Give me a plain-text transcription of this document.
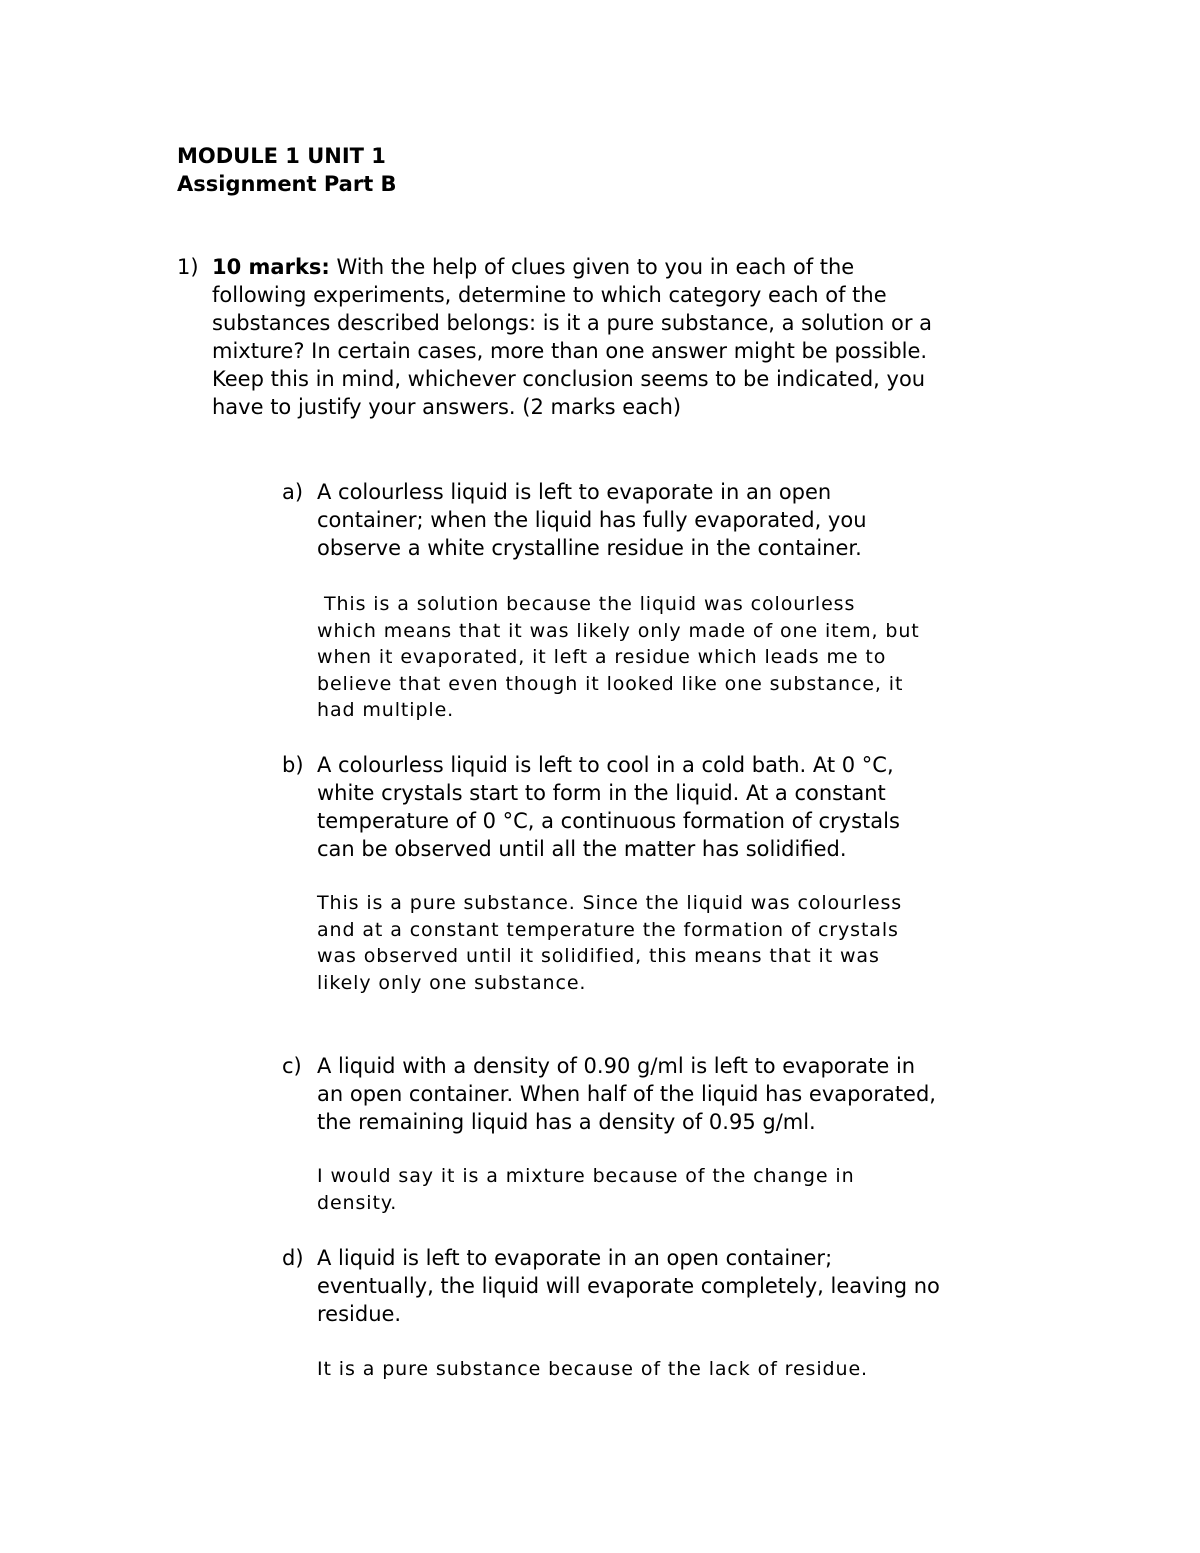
MODULE 1 UNIT 1
Assignment Part B
1) 10 marks: With the help of clues given to you in each of the
following experiments, determine to which category each of the
substances described belongs: is it a pure substance, a solution or a
mixture? In certain cases, more than one answer might be possible.
Keep this in mind, whichever conclusion seems to be indicated, you
have to justify your answers. (2 marks each)
a) A colourless liquid is left to evaporate in an open
container; when the liquid has fully evaporated, you
observe a white crystalline residue in the container.
This is a solution because the liquid was colourless
which means that it was likely only made of one item, but
when it evaporated, it left a residue which leads me to
believe that even though it looked like one substance, it
had multiple.
b) A colourless liquid is left to cool in a cold bath. At 0 °C,
white crystals start to form in the liquid. At a constant
temperature of 0 °C, a continuous formation of crystals
can be observed until all the matter has solidified.
This is a pure substance. Since the liquid was colourless
and at a constant temperature the formation of crystals
was observed until it solidified, this means that it was
likely only one substance.
c) A liquid with a density of 0.90 g/ml is left to evaporate in
an open container. When half of the liquid has evaporated,
the remaining liquid has a density of 0.95 g/ml.
I would say it is a mixture because of the change in
density.
d) A liquid is left to evaporate in an open container;
eventually, the liquid will evaporate completely, leaving no
residue.
It is a pure substance because of the lack of residue.
